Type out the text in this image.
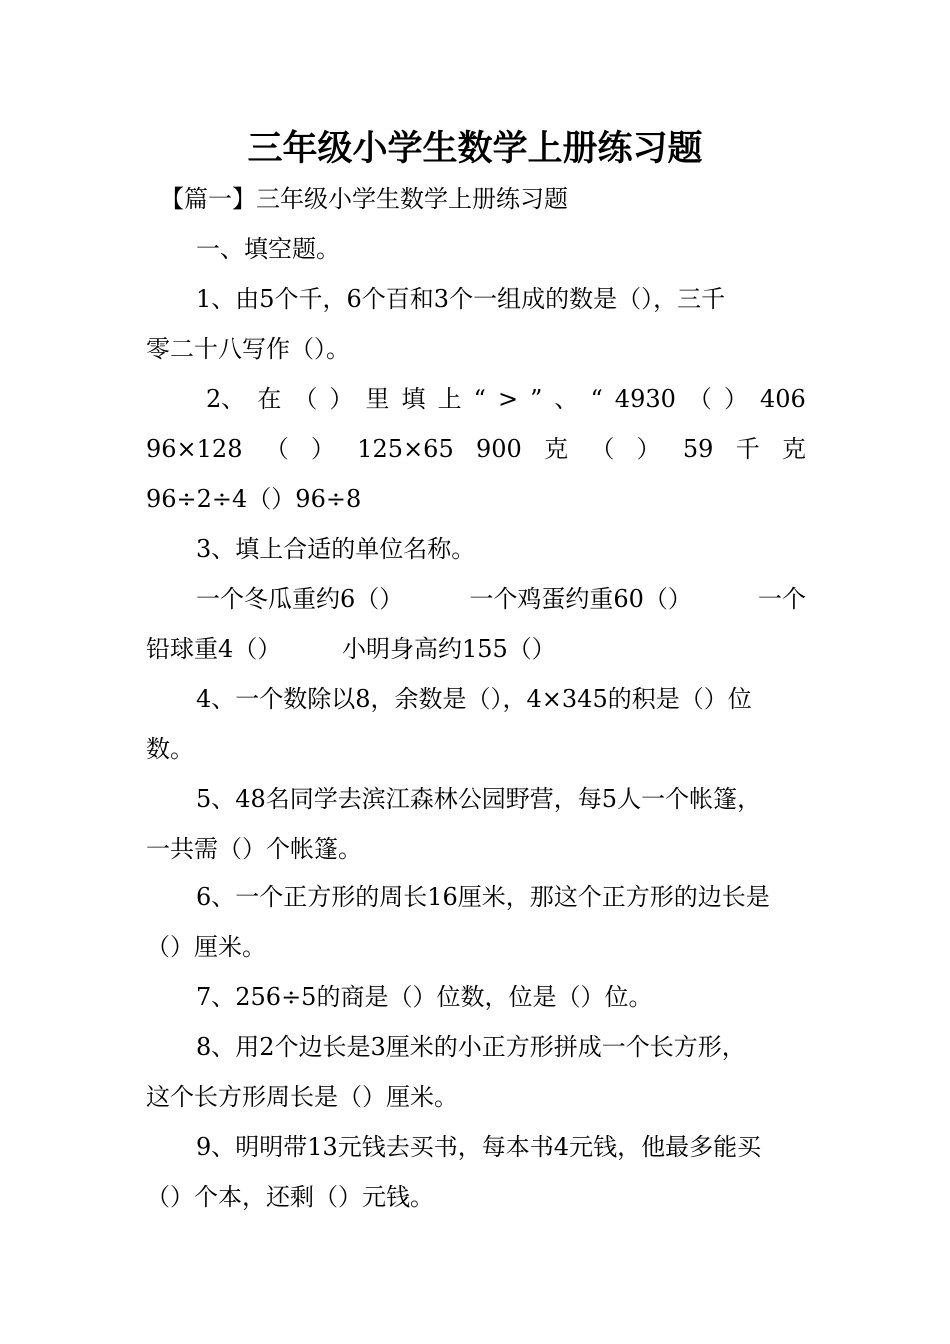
三年级小学生数学上册练习题
【篇一】三年级小学生数学上册练习题
一、填空题。
1、由5个千，6个百和3个一组成的数是（），三千
零二十八写作（）。
2、 在 （ ） 里 填 上 “ > ” 、 “ 4930 （ ） 406
96×128 （ ） 125×65 900 克 （ ） 59 千 克
96÷2÷4（）96÷8
3、填上合适的单位名称。
一个冬瓜重约6（）	一个鸡蛋约重60（）	一个
铅球重4（）	小明身高约155（）
4、一个数除以8，余数是（），4×345的积是（）位
数。
5、48名同学去滨江森林公园野营，每5人一个帐篷，
一共需（）个帐篷。
6、一个正方形的周长16厘米，那这个正方形的边长是
（）厘米。
7、256÷5的商是（）位数，位是（）位。
8、用2个边长是3厘米的小正方形拼成一个长方形，
这个长方形周长是（）厘米。
9、明明带13元钱去买书，每本书4元钱，他最多能买
（）个本，还剩（）元钱。
